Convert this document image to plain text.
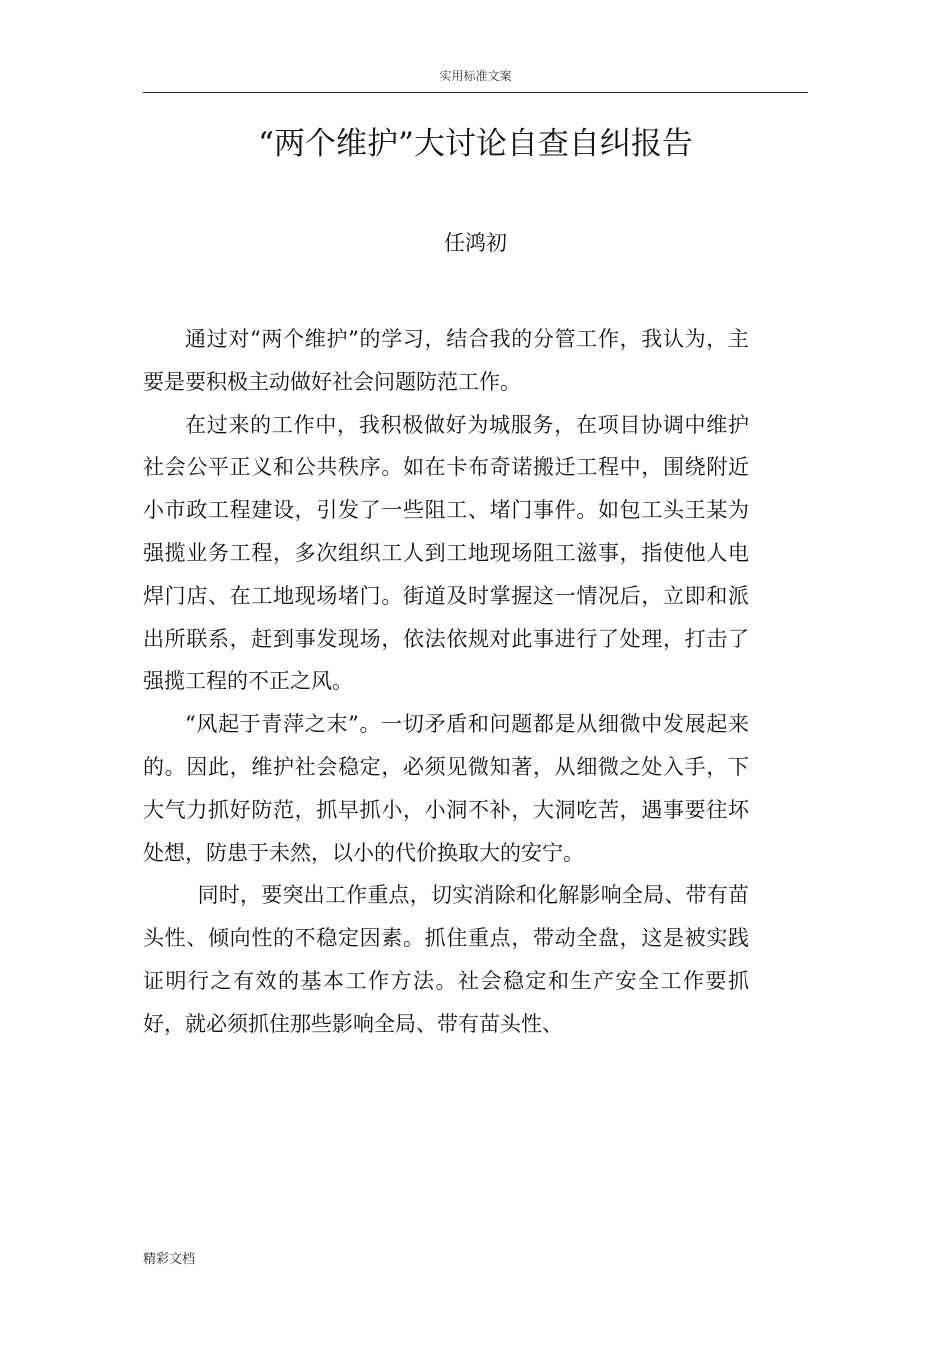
实用标准文案
“两个维护”大讨论自查自纠报告
任鸿初

通过对“两个维护”的学习，结合我的分管工作，我认为，主要是要积极主动做好社会问题防范工作。

在过来的工作中，我积极做好为城服务，在项目协调中维护社会公平正义和公共秩序。如在卡布奇诺搬迁工程中，围绕附近小市政工程建设，引发了一些阻工、堵门事件。如包工头王某为强揽业务工程，多次组织工人到工地现场阻工滋事，指使他人电焊门店、在工地现场堵门。街道及时掌握这一情况后，立即和派出所联系，赶到事发现场，依法依规对此事进行了处理，打击了强揽工程的不正之风。

“风起于青萍之末”。一切矛盾和问题都是从细微中发展起来的。因此，维护社会稳定，必须见微知著，从细微之处入手，下大气力抓好防范，抓早抓小，小洞不补，大洞吃苦，遇事要往坏处想，防患于未然，以小的代价换取大的安宁。

同时，要突出工作重点，切实消除和化解影响全局、带有苗头性、倾向性的不稳定因素。抓住重点，带动全盘，这是被实践证明行之有效的基本工作方法。社会稳定和生产安全工作要抓好，就必须抓住那些影响全局、带有苗头性、

精彩文档
